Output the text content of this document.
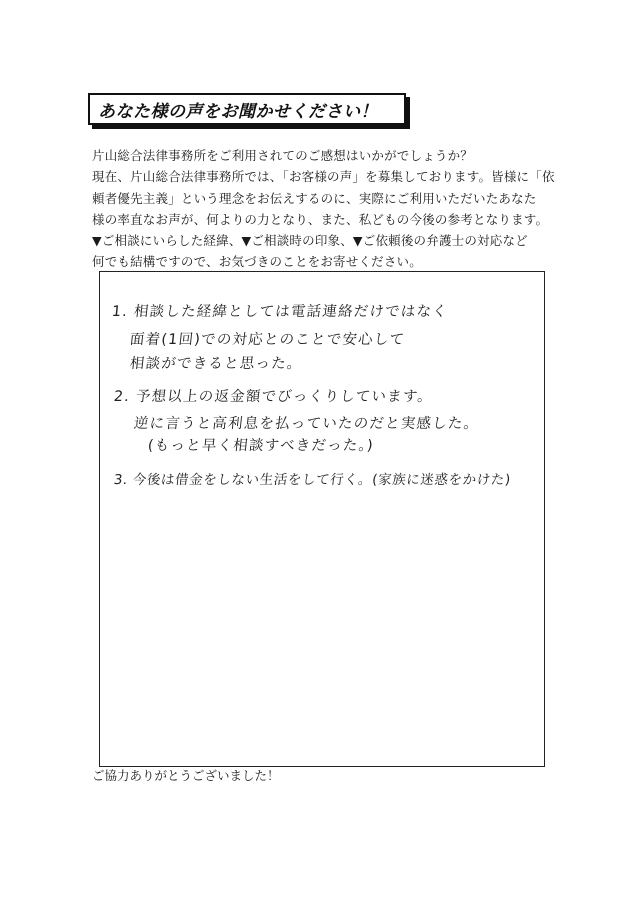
あなた様の声をお聞かせください！
片山総合法律事務所をご利用されてのご感想はいかがでしょうか？
現在、片山総合法律事務所では、「お客様の声」を募集しております。皆様に「依
頼者優先主義」という理念をお伝えするのに、実際にご利用いただいたあなた
様の率直なお声が、何よりの力となり、また、私どもの今後の参考となります。
▼ご相談にいらした経緯、▼ご相談時の印象、▼ご依頼後の弁護士の対応など
何でも結構ですので、お気づきのことをお寄せください。
1. 相談した経緯としては電話連絡だけではなく
面着(1回)での対応とのことで安心して
相談ができると思った。
2. 予想以上の返金額でびっくりしています。
逆に言うと高利息を払っていたのだと実感した。
(もっと早く相談すべきだった。)
3. 今後は借金をしない生活をして行く。(家族に迷惑をかけた)
ご協力ありがとうございました！
